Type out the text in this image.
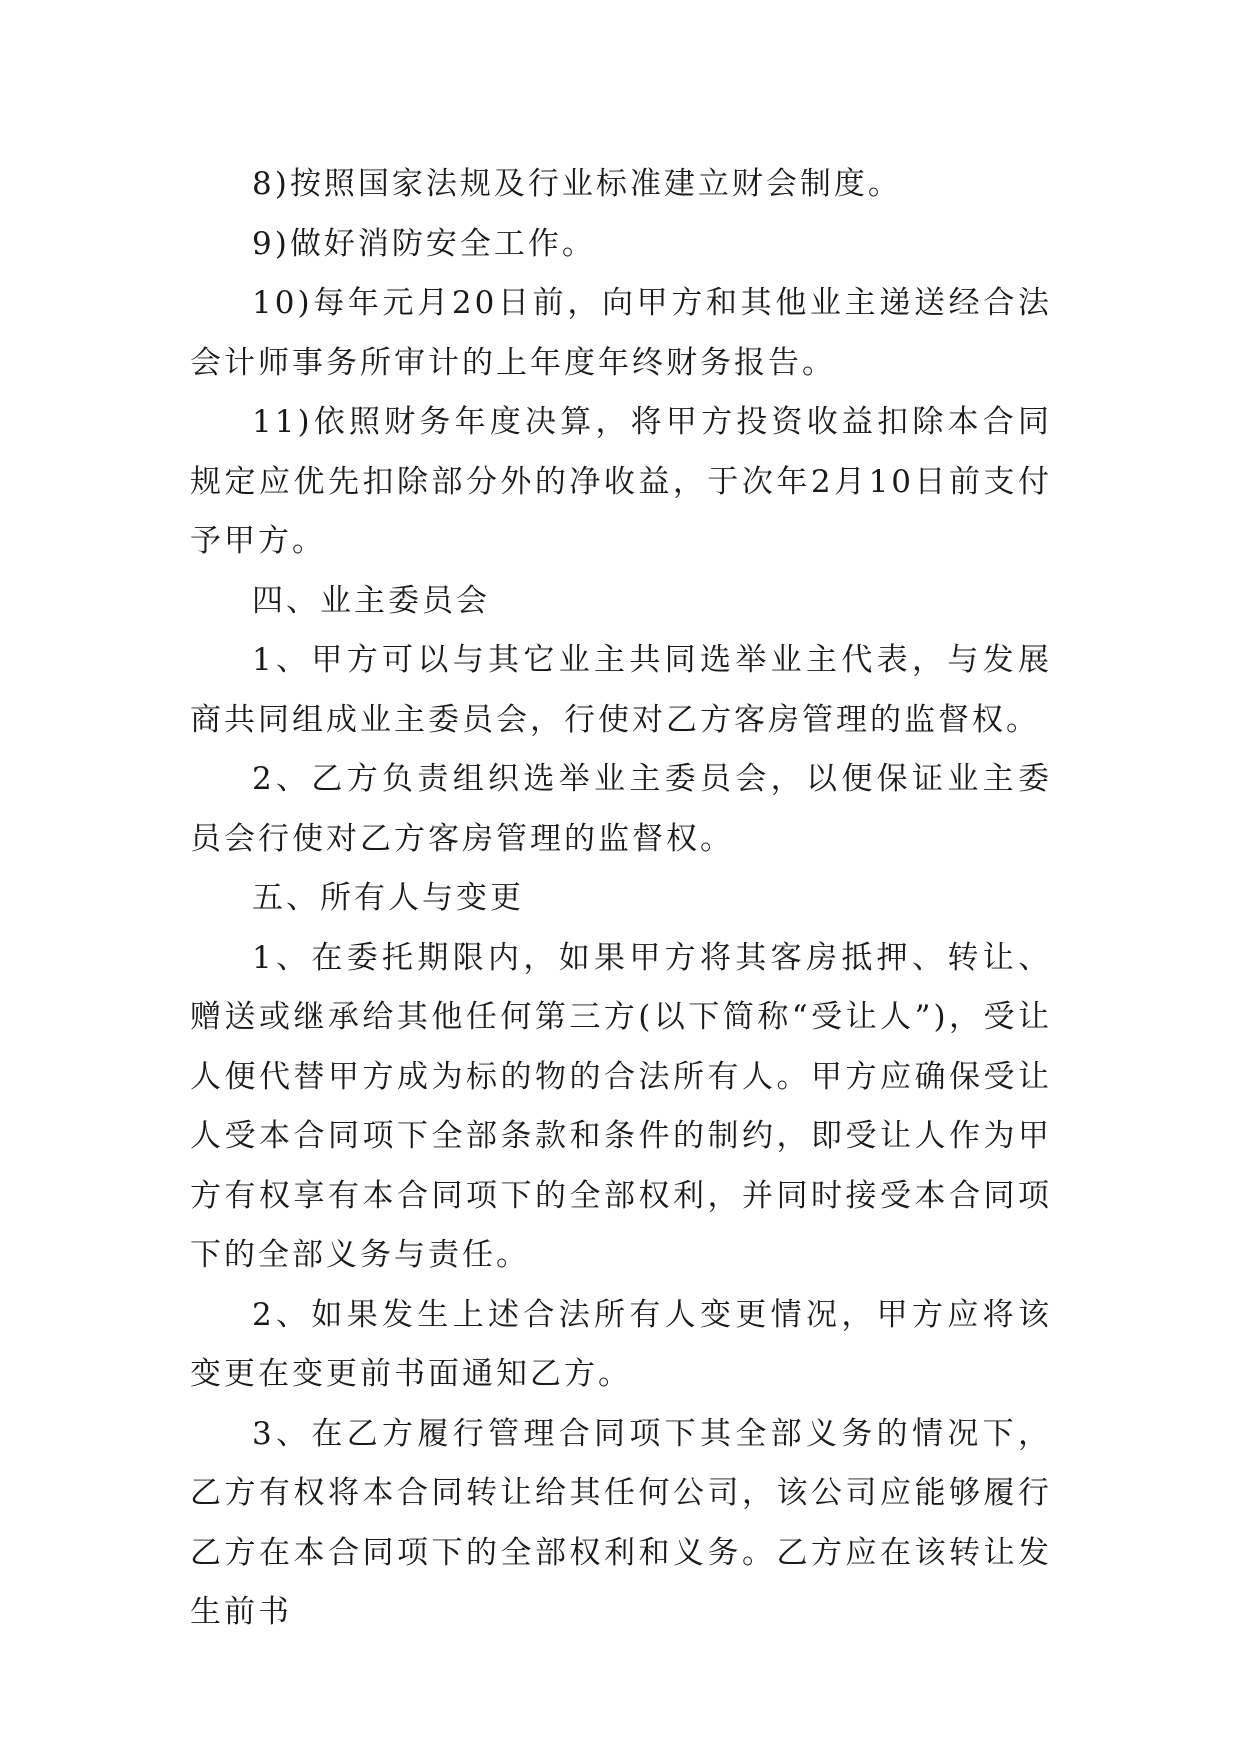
8)按照国家法规及行业标准建立财会制度。

9)做好消防安全工作。

10)每年元月20日前，向甲方和其他业主递送经合法会计师事务所审计的上年度年终财务报告。

11)依照财务年度决算，将甲方投资收益扣除本合同规定应优先扣除部分外的净收益，于次年2月10日前支付予甲方。

四、业主委员会

1、甲方可以与其它业主共同选举业主代表，与发展商共同组成业主委员会，行使对乙方客房管理的监督权。

2、乙方负责组织选举业主委员会，以便保证业主委员会行使对乙方客房管理的监督权。

五、所有人与变更

1、在委托期限内，如果甲方将其客房抵押、转让、赠送或继承给其他任何第三方(以下简称“受让人”)，受让人便代替甲方成为标的物的合法所有人。甲方应确保受让人受本合同项下全部条款和条件的制约，即受让人作为甲方有权享有本合同项下的全部权利，并同时接受本合同项下的全部义务与责任。

2、如果发生上述合法所有人变更情况，甲方应将该变更在变更前书面通知乙方。

3、在乙方履行管理合同项下其全部义务的情况下，乙方有权将本合同转让给其任何公司，该公司应能够履行乙方在本合同项下的全部权利和义务。乙方应在该转让发生前书
